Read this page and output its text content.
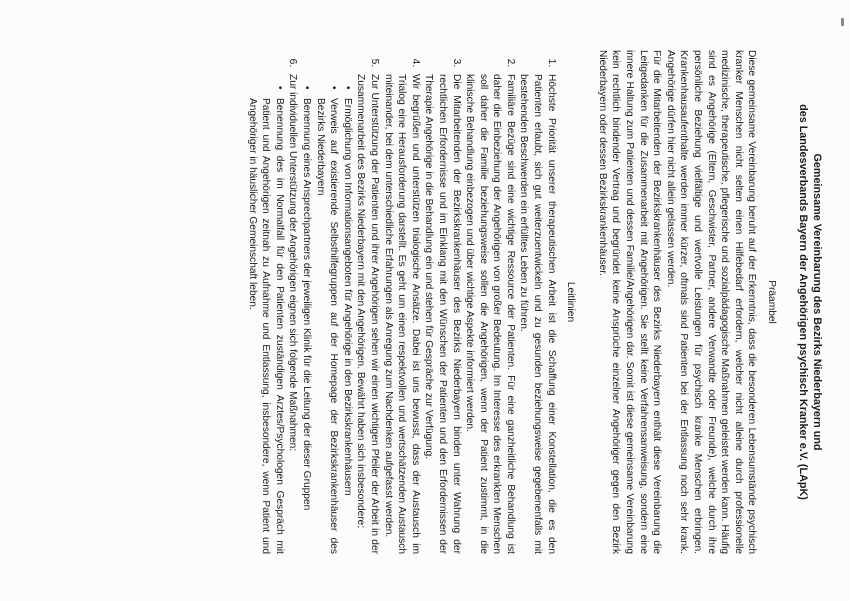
Gemeinsame Vereinbarung des Bezirks Niederbayern und
des Landesverbands Bayern der Angehörigen psychisch Kranker e.V. (LApK)
Präambel

Diese gemeinsame Vereinbarung beruht auf der Erkenntnis, dass die besonderen Lebensumstände psychisch kranker Menschen nicht selten einen Hilfebedarf erfordern, welcher nicht alleine durch professionelle medizinische, therapeutische, pflegerische und sozialpädagogische Maßnahmen geleistet werden kann. Häufig sind es Angehörige (Eltern, Geschwister, Partner, andere Verwandte oder Freunde), welche durch ihre persönliche Beziehung vielfältige und wertvolle Leistungen für psychisch kranke Menschen erbringen. Krankenhausaufenthalte werden immer kürzer, oftmals sind Patienten bei der Entlassung noch sehr krank. Angehörige dürfen hier nicht allein gelassen werden.

Für die Mitarbeitenden der Bezirkskrankenhäuser des Bezirks Niederbayern enthält diese Vereinbarung die Leitgedanken für die Zusammenarbeit mit Angehörigen. Sie stellt keine Verfahrensanweisung, sondern eine innere Haltung zum Patienten und dessen Familie/Angehörigen dar. Somit ist diese gemeinsame Vereinbarung kein rechtlich bindender Vertrag und begründet keine Ansprüche einzelner Angehöriger gegen den Bezirk Niederbayern oder dessen Bezirkskrankenhäuser.

Leitlinien
1. Höchste Priorität unserer therapeutischen Arbeit ist die Schaffung einer Konstellation, die es den Patienten erlaubt, sich gut weiterzuentwickeln und zu gesunden beziehungsweise gegebenenfalls mit bestehenden Beschwerden ein erfülltes Leben zu führen.
2. Familiäre Bezüge sind eine wichtige Ressource der Patienten. Für eine ganzheitliche Behandlung ist daher die Einbeziehung der Angehörigen von großer Bedeutung. Im Interesse des erkrankten Menschen soll daher die Familie beziehungsweise sollen die Angehörigen, wenn der Patient zustimmt, in die klinische Behandlung einbezogen und über wichtige Aspekte informiert werden.
3. Die Mitarbeitenden der Bezirkskrankenhäuser des Bezirks Niederbayern binden unter Wahrung der rechtlichen Erfordernisse und im Einklang mit den Wünschen der Patienten und den Erfordernissen der Therapie Angehörige in die Behandlung ein und stehen für Gespräche zur Verfügung.
4. Wir begrüßen und unterstützen trialogische Ansätze. Dabei ist uns bewusst, dass der Austausch im Trialog eine Herausforderung darstellt. Es geht um einen respektvollen und wertschätzenden Austausch miteinander, bei dem unterschiedliche Erfahrungen als Anregung zum Nachdenken aufgefasst werden.
5. Zur Unterstützung der Patienten und ihrer Angehörigen sehen wir einen wichtigen Pfeiler der Arbeit in der Zusammenarbeit des Bezirks Niederbayern mit den Angehörigen. Bewährt haben sich insbesondere:
• Ermöglichung von Informationsangeboten für Angehörige in den Bezirkskrankenhäusern
• Verweis auf existierende Selbsthilfegruppen auf der Homepage der Bezirkskrankenhäuser des Bezirks Niederbayern
• Benennung eines Ansprechpartners der jeweiligen Klinik für die Leitung der dieser Gruppen
6. Zur individuellen Unterstützung der Angehörigen eignen sich folgende Maßnahmen:
• Benennung des im Normalfall für den Patienten zuständigen Arztes/Psychologen Gespräch mit Patient und Angehörigen zeitnah zu Aufnahme und Entlassung, insbesondere, wenn Patient und Angehöriger in häuslicher Gemeinschaft leben.
